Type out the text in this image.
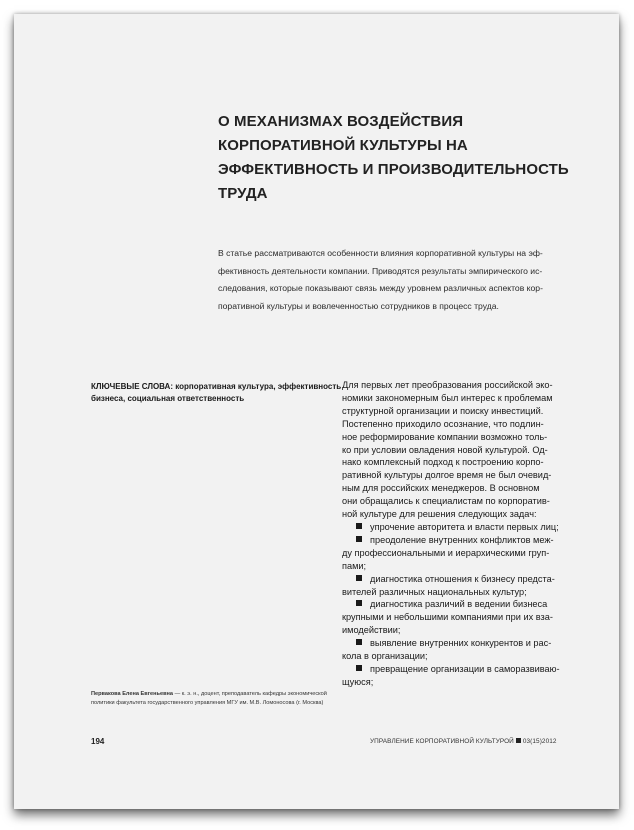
О МЕХАНИЗМАХ ВОЗДЕЙСТВИЯ
КОРПОРАТИВНОЙ КУЛЬТУРЫ НА
ЭФФЕКТИВНОСТЬ И ПРОИЗВОДИТЕЛЬНОСТЬ
ТРУДА
В статье рассматриваются особенности влияния корпоративной культуры на эф-
фективность деятельности компании. Приводятся результаты эмпирического ис-
следования, которые показывают связь между уровнем различных аспектов кор-
поративной культуры и вовлеченностью сотрудников в процесс труда.
КЛЮЧЕВЫЕ СЛОВА: корпоративная культура, эффективность
бизнеса, социальная ответственность
Для первых лет преобразования российской эко-
номики закономерным был интерес к проблемам
структурной организации и поиску инвестиций.
Постепенно приходило осознание, что подлин-
ное реформирование компании возможно толь-
ко при условии овладения новой культурой. Од-
нако комплексный подход к построению корпо-
ративной культуры долгое время не был очевид-
ным для российских менеджеров. В основном
они обращались к специалистам по корпоратив-
ной культуре для решения следующих задач:
упрочение авторитета и власти первых лиц;
преодоление внутренних конфликтов меж-
ду профессиональными и иерархическими груп-
пами;
диагностика отношения к бизнесу предста-
вителей различных национальных культур;
диагностика различий в ведении бизнеса
крупными и небольшими компаниями при их вза-
имодействии;
выявление внутренних конкурентов и рас-
кола в организации;
превращение организации в саморазвиваю-
щуюся;
Первакова Елена Евгеньевна — к. э. н., доцент, преподаватель кафедры экономической
политики факультета государственного управления МГУ им. М.В. Ломоносова (г. Москва)
194	УПРАВЛЕНИЕ КОРПОРАТИВНОЙ КУЛЬТУРОЙ 03(15)2012
